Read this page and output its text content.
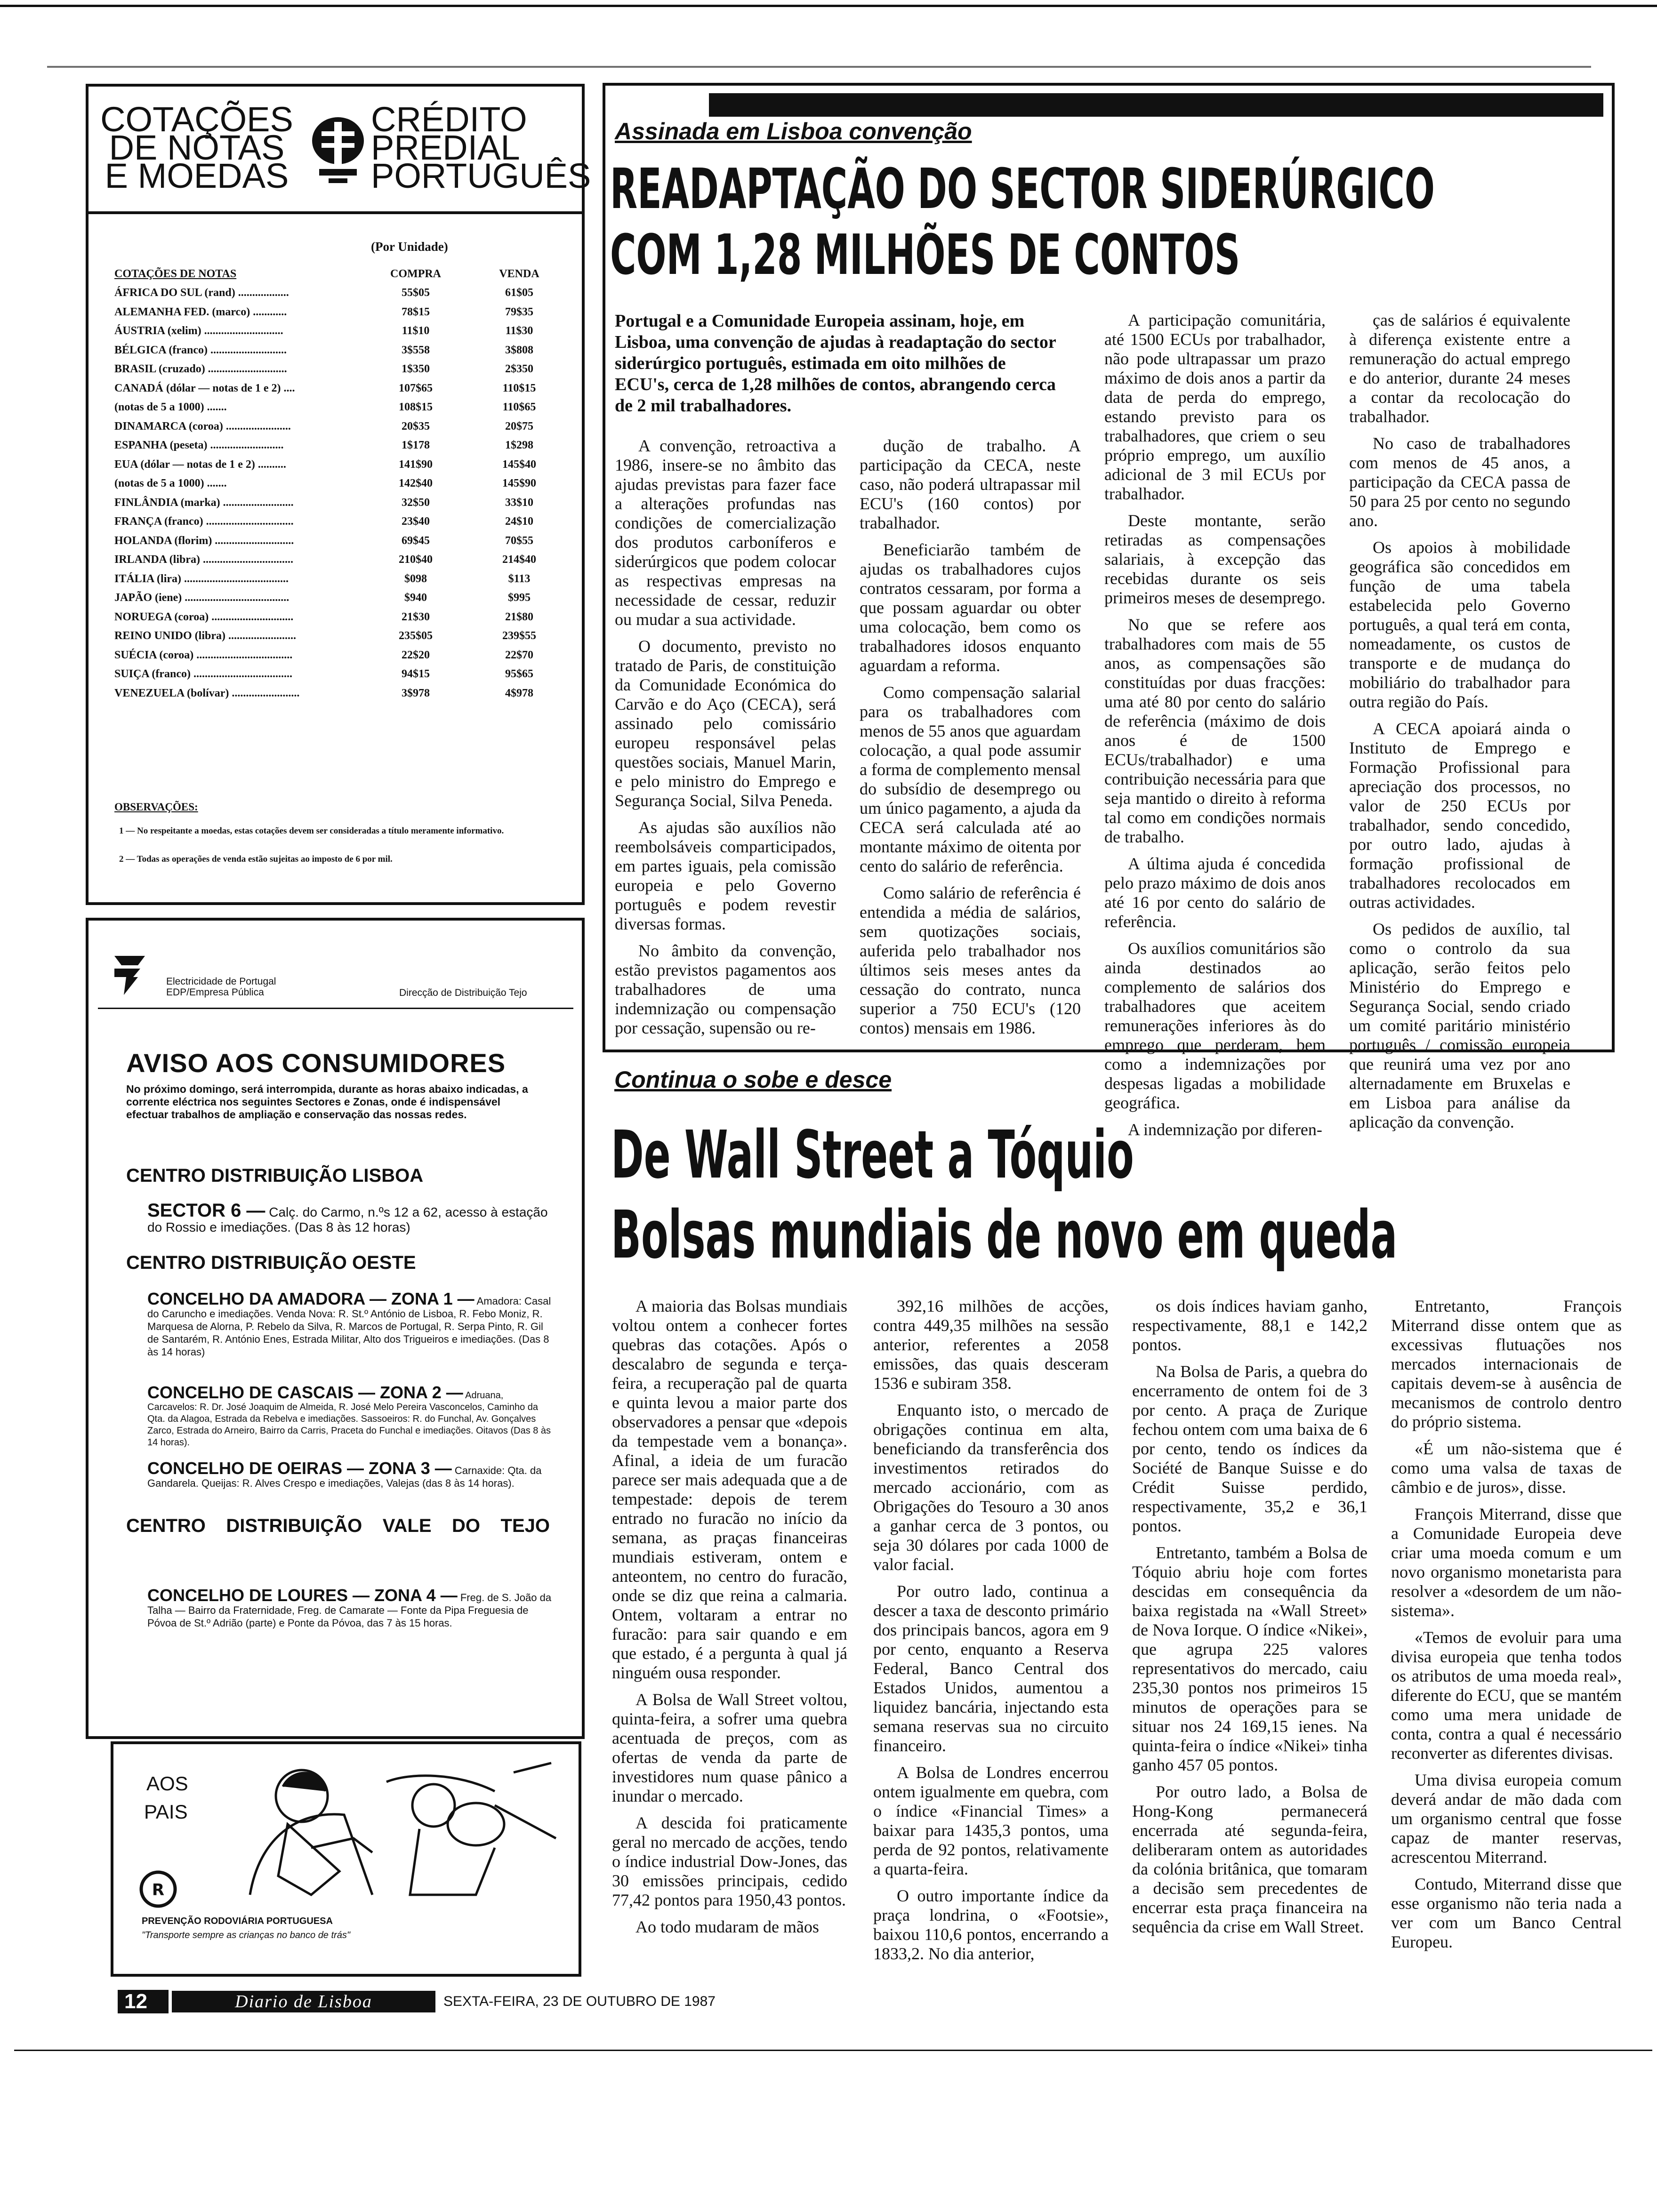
COTAÇÕES
DE NOTAS
E MOEDAS
CRÉDITO
PREDIAL
PORTUGUÊS
(Por Unidade)
COTAÇÕES DE NOTAS	COMPRA	VENDA
ÁFRICA DO SUL (rand) ..................	55$05	61$05
ALEMANHA FED. (marco) ............	78$15	79$35
ÁUSTRIA (xelim) ............................	11$10	11$30
BÉLGICA (franco) ...........................	3$558	3$808
BRASIL (cruzado) ............................	1$350	2$350
CANADÁ (dólar — notas de 1 e 2) ....	107$65	110$15
(notas de 5 a 1000) .......	108$15	110$65
DINAMARCA (coroa) .......................	20$35	20$75
ESPANHA (peseta) ..........................	1$178	1$298
EUA (dólar — notas de 1 e 2) ..........	141$90	145$40
(notas de 5 a 1000) .......	142$40	145$90
FINLÂNDIA (marka) .........................	32$50	33$10
FRANÇA (franco) ...............................	23$40	24$10
HOLANDA (florim) ............................	69$45	70$55
IRLANDA (libra) ................................	210$40	214$40
ITÁLIA (lira) .....................................	$098	$113
JAPÃO (iene) .....................................	$940	$995
NORUEGA (coroa) .............................	21$30	21$80
REINO UNIDO (libra) ........................	235$05	239$55
SUÉCIA (coroa) ..................................	22$20	22$70
SUIÇA (franco) ...................................	94$15	95$65
VENEZUELA (bolívar) ........................	3$978	4$978
OBSERVAÇÕES:
1 — No respeitante a moedas, estas cotações devem ser consideradas a título meramente informativo.
2 — Todas as operações de venda estão sujeitas ao imposto de 6 por mil.
Electricidade de Portugal
EDP/Empresa Pública	Direcção de Distribuição Tejo
AVISO AOS CONSUMIDORES
No próximo domingo, será interrompida, durante as horas abaixo indicadas, a corrente eléctrica nos seguintes Sectores e Zonas, onde é indispensável efectuar trabalhos de ampliação e conservação das nossas redes.
CENTRO DISTRIBUIÇÃO LISBOA
SECTOR 6 — Calç. do Carmo, n.ºs 12 a 62, acesso à estação do Rossio e imediações. (Das 8 às 12 horas)
CENTRO DISTRIBUIÇÃO OESTE
CONCELHO DA AMADORA — ZONA 1 — Amadora: Casal do Caruncho e imediações. Venda Nova: R. St.º António de Lisboa, R. Febo Moniz, R. Marquesa de Alorna, P. Rebelo da Silva, R. Marcos de Portugal, R. Serpa Pinto, R. Gil de Santarém, R. António Enes, Estrada Militar, Alto dos Trigueiros e imediações. (Das 8 às 14 horas)
CONCELHO DE CASCAIS — ZONA 2 — Adruana, Carcavelos: R. Dr. José Joaquim de Almeida, R. José Melo Pereira Vasconcelos, Caminho da Qta. da Alagoa, Estrada da Rebelva e imediações. Sassoeiros: R. do Funchal, Av. Gonçalves Zarco, Estrada do Arneiro, Bairro da Carris, Praceta do Funchal e imediações. Oitavos (Das 8 às 14 horas).
CONCELHO DE OEIRAS — ZONA 3 — Carnaxide: Qta. da Gandarela. Queijas: R. Alves Crespo e imediações, Valejas (das 8 às 14 horas).
CENTRO DISTRIBUIÇÃO VALE DO TEJO
CONCELHO DE LOURES — ZONA 4 — Freg. de S. João da Talha — Bairro da Fraternidade, Freg. de Camarate — Fonte da Pipa Freguesia de Póvoa de St.º Adrião (parte) e Ponte da Póvoa, das 7 às 15 horas.
AOS
PAIS
R
PREVENÇÃO RODOVIÁRIA PORTUGUESA
"Transporte sempre as crianças no banco de trás"
12	Diario de Lisboa	SEXTA-FEIRA, 23 DE OUTUBRO DE 1987
Assinada em Lisboa convenção
READAPTAÇÃO DO SECTOR SIDERÚRGICO
COM 1,28 MILHÕES DE CONTOS
Portugal e a Comunidade Europeia assinam, hoje, em Lisboa, uma convenção de ajudas à readaptação do sector siderúrgico português, estimada em oito milhões de ECU's, cerca de 1,28 milhões de contos, abrangendo cerca de 2 mil trabalhadores.

A convenção, retroactiva a 1986, insere-se no âmbito das ajudas previstas para fazer face a alterações profundas nas condições de comercialização dos produtos carboníferos e siderúrgicos que podem colocar as respectivas empresas na necessidade de cessar, reduzir ou mudar a sua actividade.

O documento, previsto no tratado de Paris, de constituição da Comunidade Económica do Carvão e do Aço (CECA), será assinado pelo comissário europeu responsável pelas questões sociais, Manuel Marin, e pelo ministro do Emprego e Segurança Social, Silva Peneda.

As ajudas são auxílios não reembolsáveis comparticipados, em partes iguais, pela comissão europeia e pelo Governo português e podem revestir diversas formas.

No âmbito da convenção, estão previstos pagamentos aos trabalhadores de uma indemnização ou compensação por cessação, supensão ou re-

dução de trabalho. A participação da CECA, neste caso, não poderá ultrapassar mil ECU's (160 contos) por trabalhador.

Beneficiarão também de ajudas os trabalhadores cujos contratos cessaram, por forma a que possam aguardar ou obter uma colocação, bem como os trabalhadores idosos enquanto aguardam a reforma.

Como compensação salarial para os trabalhadores com menos de 55 anos que aguardam colocação, a qual pode assumir a forma de complemento mensal do subsídio de desemprego ou um único pagamento, a ajuda da CECA será calculada até ao montante máximo de oitenta por cento do salário de referência.

Como salário de referência é entendida a média de salários, sem quotizações sociais, auferida pelo trabalhador nos últimos seis meses antes da cessação do contrato, nunca superior a 750 ECU's (120 contos) mensais em 1986.

A participação comunitária, até 1500 ECUs por trabalhador, não pode ultrapassar um prazo máximo de dois anos a partir da data de perda do emprego, estando previsto para os trabalhadores, que criem o seu próprio emprego, um auxílio adicional de 3 mil ECUs por trabalhador.

Deste montante, serão retiradas as compensações salariais, à excepção das recebidas durante os seis primeiros meses de desemprego.

No que se refere aos trabalhadores com mais de 55 anos, as compensações são constituídas por duas fracções: uma até 80 por cento do salário de referência (máximo de dois anos é de 1500 ECUs/trabalhador) e uma contribuição necessária para que seja mantido o direito à reforma tal como em condições normais de trabalho.

A última ajuda é concedida pelo prazo máximo de dois anos até 16 por cento do salário de referência.

Os auxílios comunitários são ainda destinados ao complemento de salários dos trabalhadores que aceitem remunerações inferiores às do emprego que perderam, bem como a indemnizações por despesas ligadas a mobilidade geográfica.

A indemnização por diferen-

ças de salários é equivalente à diferença existente entre a remuneração do actual emprego e do anterior, durante 24 meses a contar da recolocação do trabalhador.

No caso de trabalhadores com menos de 45 anos, a participação da CECA passa de 50 para 25 por cento no segundo ano.

Os apoios à mobilidade geográfica são concedidos em função de uma tabela estabelecida pelo Governo português, a qual terá em conta, nomeadamente, os custos de transporte e de mudança do mobiliário do trabalhador para outra região do País.

A CECA apoiará ainda o Instituto de Emprego e Formação Profissional para apreciação dos processos, no valor de 250 ECUs por trabalhador, sendo concedido, por outro lado, ajudas à formação profissional de trabalhadores recolocados em outras actividades.

Os pedidos de auxílio, tal como o controlo da sua aplicação, serão feitos pelo Ministério do Emprego e Segurança Social, sendo criado um comité paritário ministério português / comissão europeia que reunirá uma vez por ano alternadamente em Bruxelas e em Lisboa para análise da aplicação da convenção.

Continua o sobe e desce
De Wall Street a Tóquio
Bolsas mundiais de novo em queda

A maioria das Bolsas mundiais voltou ontem a conhecer fortes quebras das cotações. Após o descalabro de segunda e terça-feira, a recuperação pal de quarta e quinta levou a maior parte dos observadores a pensar que «depois da tempestade vem a bonança». Afinal, a ideia de um furacão parece ser mais adequada que a de tempestade: depois de terem entrado no furacão no início da semana, as praças financeiras mundiais estiveram, ontem e anteontem, no centro do furacão, onde se diz que reina a calmaria. Ontem, voltaram a entrar no furacão: para sair quando e em que estado, é a pergunta à qual já ninguém ousa responder.

A Bolsa de Wall Street voltou, quinta-feira, a sofrer uma quebra acentuada de preços, com as ofertas de venda da parte de investidores num quase pânico a inundar o mercado.

A descida foi praticamente geral no mercado de acções, tendo o índice industrial Dow-Jones, das 30 emissões principais, cedido 77,42 pontos para 1950,43 pontos.

Ao todo mudaram de mãos

392,16 milhões de acções, contra 449,35 milhões na sessão anterior, referentes a 2058 emissões, das quais desceram 1536 e subiram 358.

Enquanto isto, o mercado de obrigações continua em alta, beneficiando da transferência dos investimentos retirados do mercado accionário, com as Obrigações do Tesouro a 30 anos a ganhar cerca de 3 pontos, ou seja 30 dólares por cada 1000 de valor facial.

Por outro lado, continua a descer a taxa de desconto primário dos principais bancos, agora em 9 por cento, enquanto a Reserva Federal, Banco Central dos Estados Unidos, aumentou a liquidez bancária, injectando esta semana reservas sua no circuito financeiro.

A Bolsa de Londres encerrou ontem igualmente em quebra, com o índice «Financial Times» a baixar para 1435,3 pontos, uma perda de 92 pontos, relativamente a quarta-feira.

O outro importante índice da praça londrina, o «Footsie», baixou 110,6 pontos, encerrando a 1833,2. No dia anterior,

os dois índices haviam ganho, respectivamente, 88,1 e 142,2 pontos.

Na Bolsa de Paris, a quebra do encerramento de ontem foi de 3 por cento. A praça de Zurique fechou ontem com uma baixa de 6 por cento, tendo os índices da Société de Banque Suisse e do Crédit Suisse perdido, respectivamente, 35,2 e 36,1 pontos.

Entretanto, também a Bolsa de Tóquio abriu hoje com fortes descidas em consequência da baixa registada na «Wall Street» de Nova Iorque. O índice «Nikei», que agrupa 225 valores representativos do mercado, caiu 235,30 pontos nos primeiros 15 minutos de operações para se situar nos 24 169,15 ienes. Na quinta-feira o índice «Nikei» tinha ganho 457 05 pontos.

Por outro lado, a Bolsa de Hong-Kong permanecerá encerrada até segunda-feira, deliberaram ontem as autoridades da colónia britânica, que tomaram a decisão sem precedentes de encerrar esta praça financeira na sequência da crise em Wall Street.

Entretanto, François Miterrand disse ontem que as excessivas flutuações nos mercados internacionais de capitais devem-se à ausência de mecanismos de controlo dentro do próprio sistema.

«É um não-sistema que é como uma valsa de taxas de câmbio e de juros», disse.

François Miterrand, disse que a Comunidade Europeia deve criar uma moeda comum e um novo organismo monetarista para resolver a «desordem de um não-sistema».

«Temos de evoluir para uma divisa europeia que tenha todos os atributos de uma moeda real», diferente do ECU, que se mantém como uma mera unidade de conta, contra a qual é necessário reconverter as diferentes divisas.

Uma divisa europeia comum deverá andar de mão dada com um organismo central que fosse capaz de manter reservas, acrescentou Miterrand.

Contudo, Miterrand disse que esse organismo não teria nada a ver com um Banco Central Europeu.
